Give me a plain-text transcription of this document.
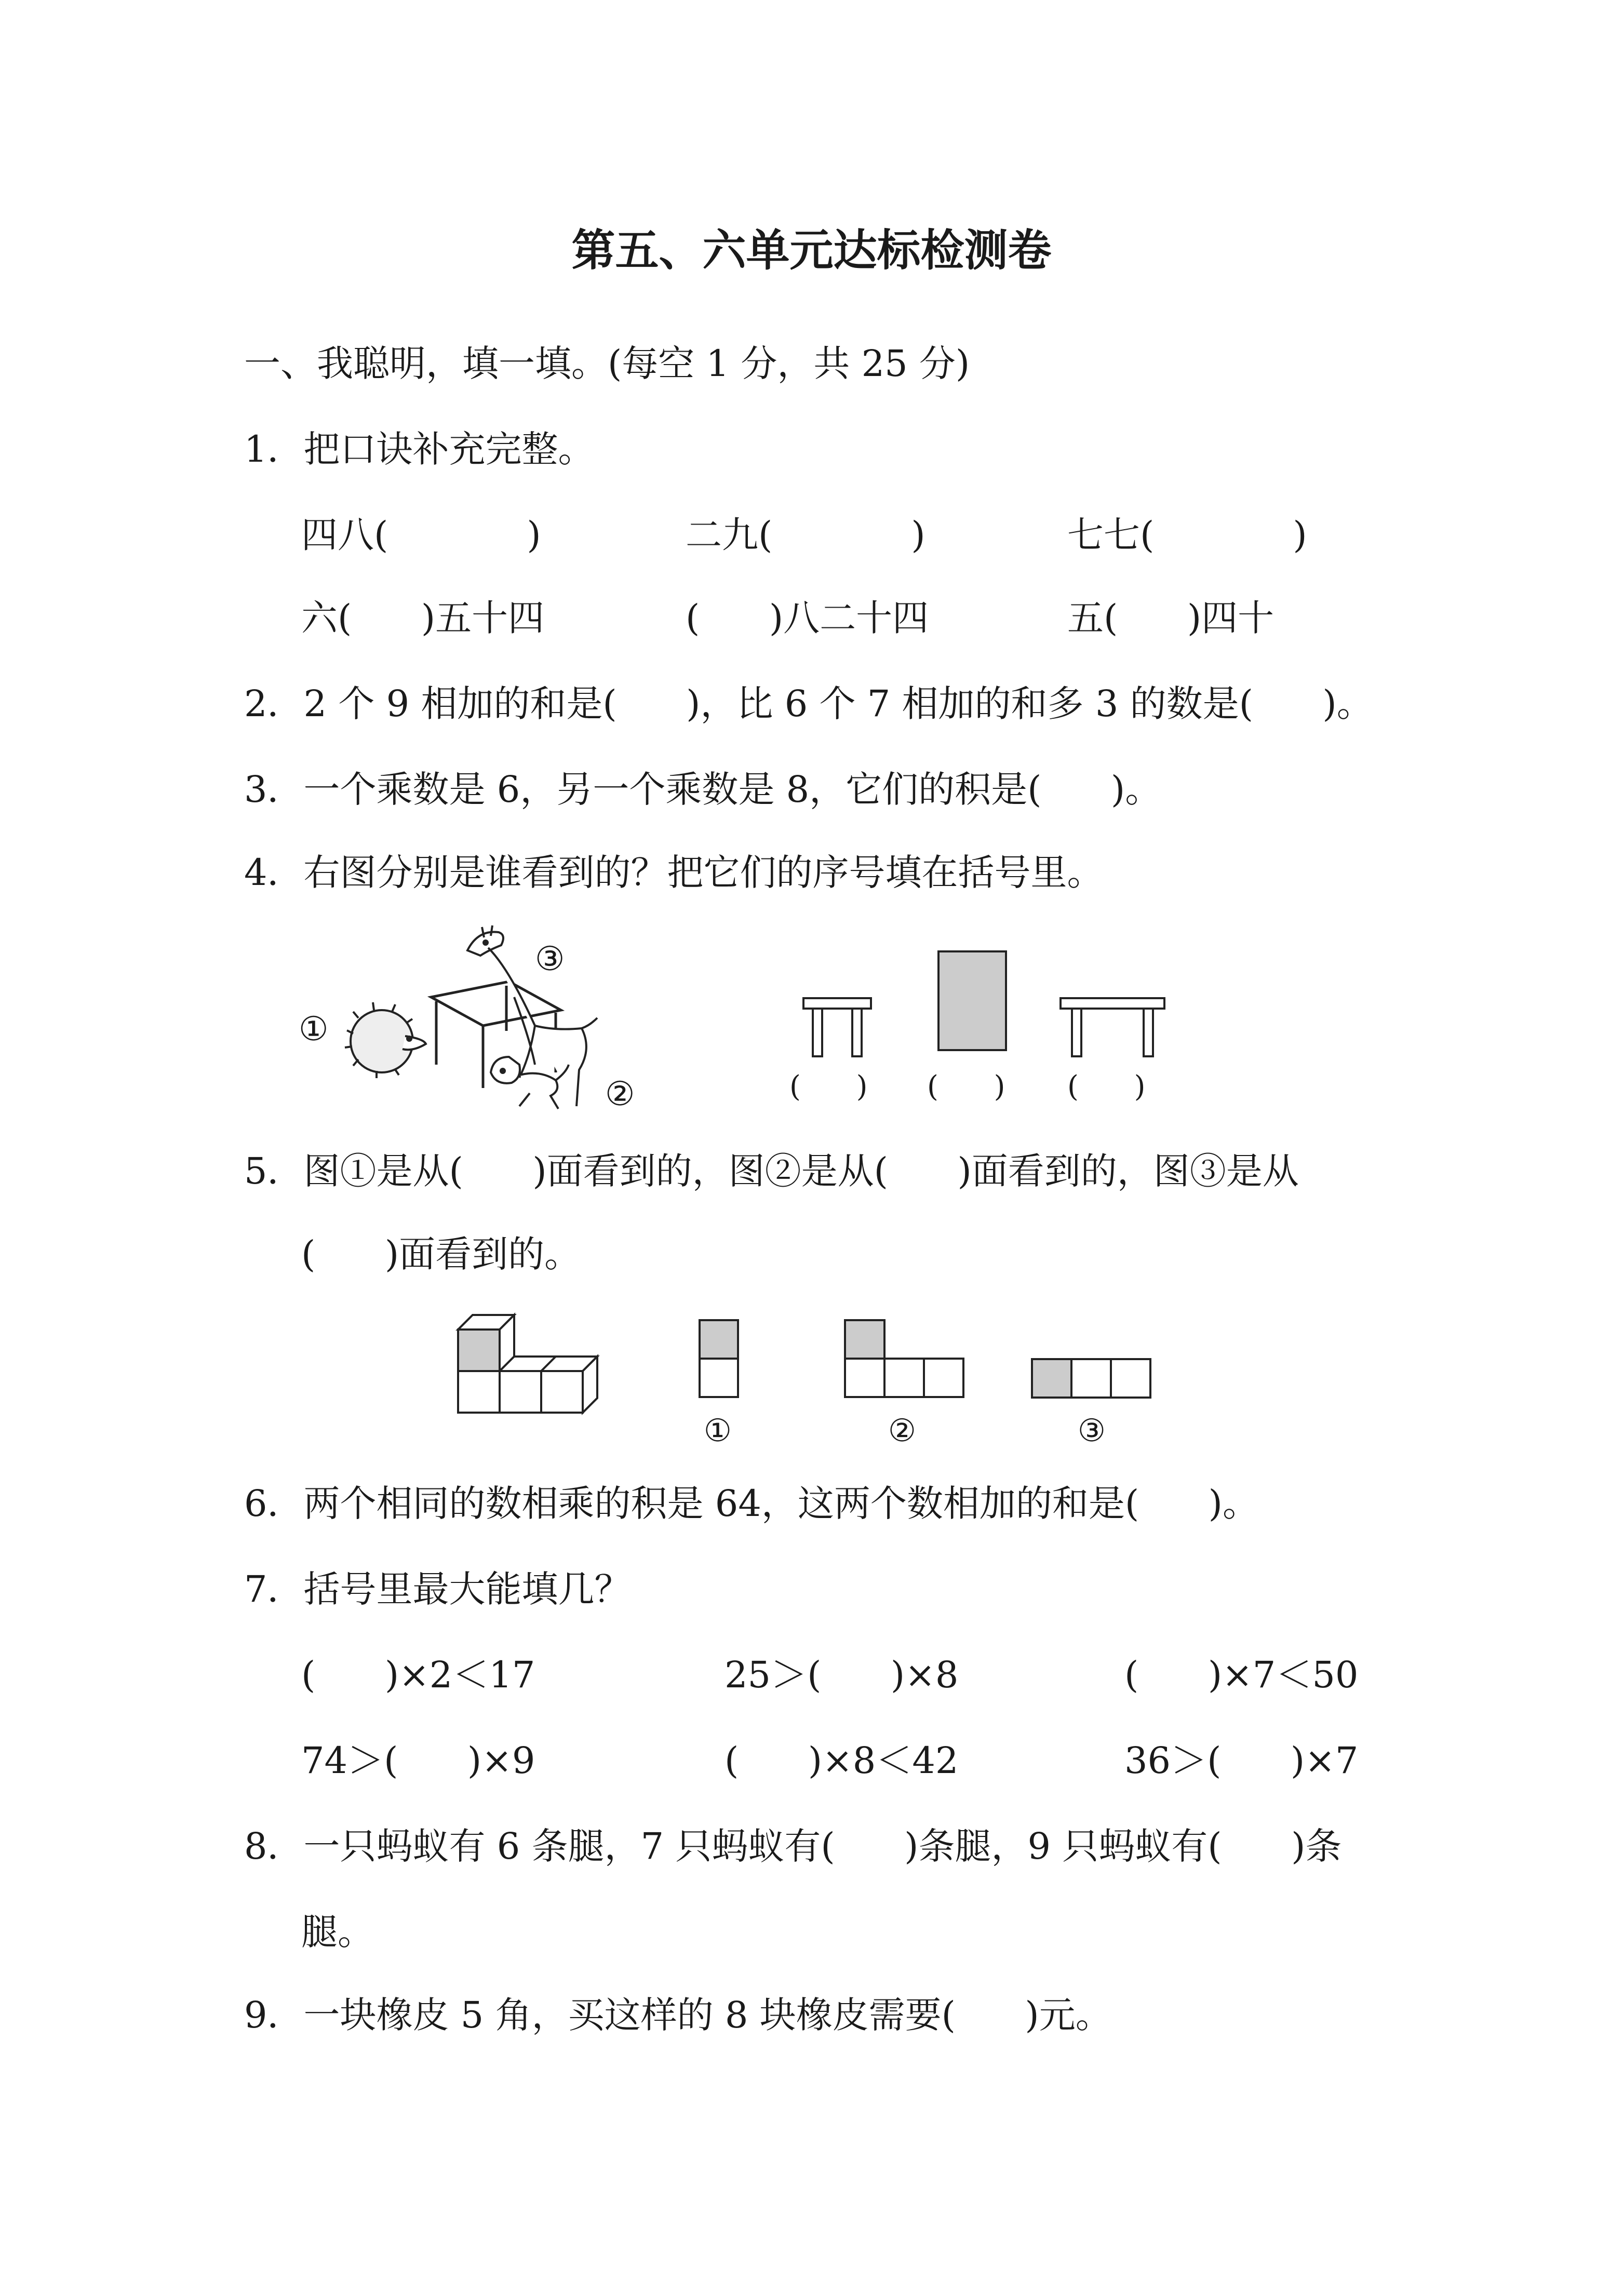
第五、六单元达标检测卷
一、我聪明，填一填。(每空 1 分，共 25 分)
1．把口诀补充完整。
四八(            )	二九(            )	七七(            )
六(      )五十四	(      )八二十四	五(      )四十
2．2 个 9 相加的和是(      )，比 6 个 7 相加的和多 3 的数是(      )。
3．一个乘数是 6，另一个乘数是 8，它们的积是(      )。
4．右图分别是谁看到的？把它们的序号填在括号里。
①
②
③
(      ) (      ) (      )
5．图①是从(      )面看到的，图②是从(      )面看到的，图③是从
(      )面看到的。
①	②	③
6．两个相同的数相乘的积是 64，这两个数相加的和是(      )。
7．括号里最大能填几？
(      )×2＜17	25＞(      )×8	(      )×7＜50
74＞(      )×9	(      )×8＜42	36＞(      )×7
8．一只蚂蚁有 6 条腿，7 只蚂蚁有(      )条腿，9 只蚂蚁有(      )条
腿。
9．一块橡皮 5 角，买这样的 8 块橡皮需要(      )元。
